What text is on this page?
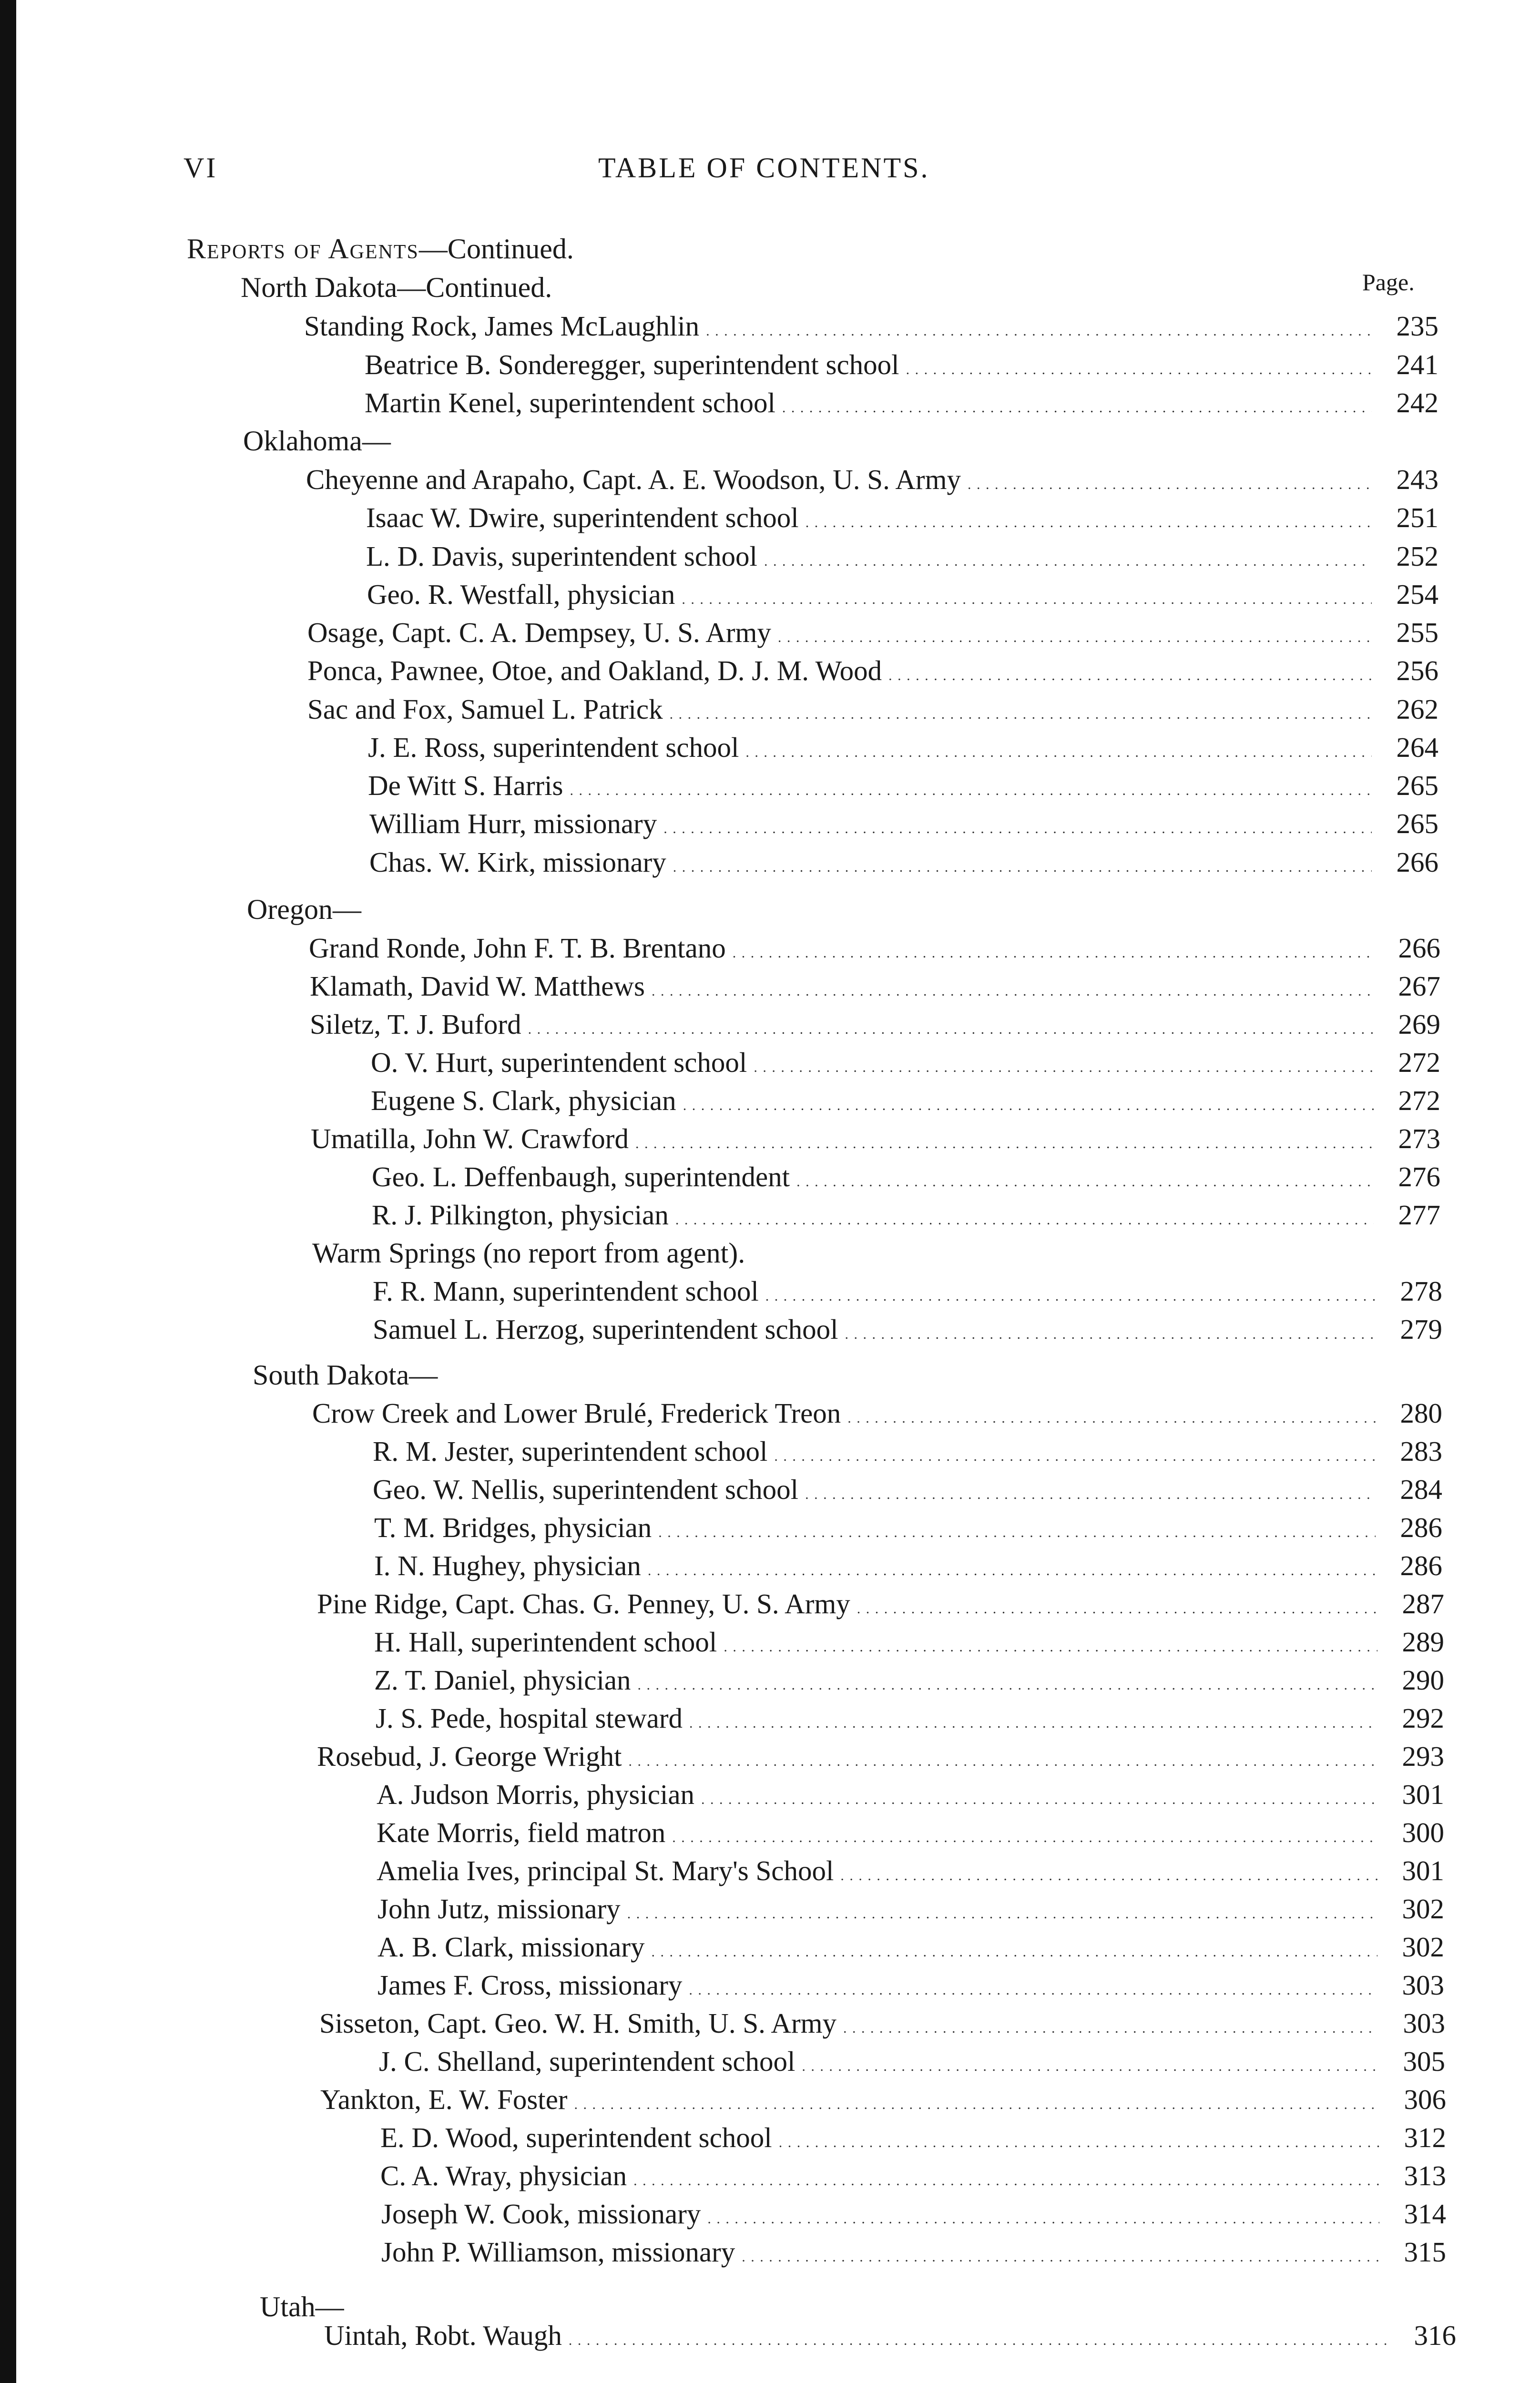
VI	TABLE OF CONTENTS.
Reports of Agents—Continued.
Page.
North Dakota—Continued.
Oklahoma—
Oregon—
South Dakota—
Utah—
Standing Rock, James McLaughlin . . .	235
Beatrice B. Sonderegger, superintendent school . . .	241
Martin Kenel, superintendent school . . .	242
Cheyenne and Arapaho, Capt. A. E. Woodson, U. S. Army . . .	243
Isaac W. Dwire, superintendent school . . .	251
L. D. Davis, superintendent school . . .	252
Geo. R. Westfall, physician . . .	254
Osage, Capt. C. A. Dempsey, U. S. Army . . .	255
Ponca, Pawnee, Otoe, and Oakland, D. J. M. Wood . . .	256
Sac and Fox, Samuel L. Patrick . . .	262
J. E. Ross, superintendent school . . .	264
De Witt S. Harris . . .	265
William Hurr, missionary . . .	265
Chas. W. Kirk, missionary . . .	266
Grand Ronde, John F. T. B. Brentano . . .	266
Klamath, David W. Matthews . . .	267
Siletz, T. J. Buford . . .	269
O. V. Hurt, superintendent school . . .	272
Eugene S. Clark, physician . . .	272
Umatilla, John W. Crawford . . .	273
Geo. L. Deffenbaugh, superintendent . . .	276
R. J. Pilkington, physician . . .	277
Warm Springs (no report from agent).
F. R. Mann, superintendent school . . .	278
Samuel L. Herzog, superintendent school . . .	279
Crow Creek and Lower Brulé, Frederick Treon . . .	280
R. M. Jester, superintendent school . . .	283
Geo. W. Nellis, superintendent school . . .	284
T. M. Bridges, physician . . .	286
I. N. Hughey, physician . . .	286
Pine Ridge, Capt. Chas. G. Penney, U. S. Army . . .	287
H. Hall, superintendent school . . .	289
Z. T. Daniel, physician . . .	290
J. S. Pede, hospital steward . . .	292
Rosebud, J. George Wright . . .	293
A. Judson Morris, physician . . .	301
Kate Morris, field matron . . .	300
Amelia Ives, principal St. Mary's School . . .	301
John Jutz, missionary . . .	302
A. B. Clark, missionary . . .	302
James F. Cross, missionary . . .	303
Sisseton, Capt. Geo. W. H. Smith, U. S. Army . . .	303
J. C. Shelland, superintendent school . . .	305
Yankton, E. W. Foster . . .	306
E. D. Wood, superintendent school . . .	312
C. A. Wray, physician . . .	313
Joseph W. Cook, missionary . . .	314
John P. Williamson, missionary . . .	315
Uintah, Robt. Waugh . . .	316
